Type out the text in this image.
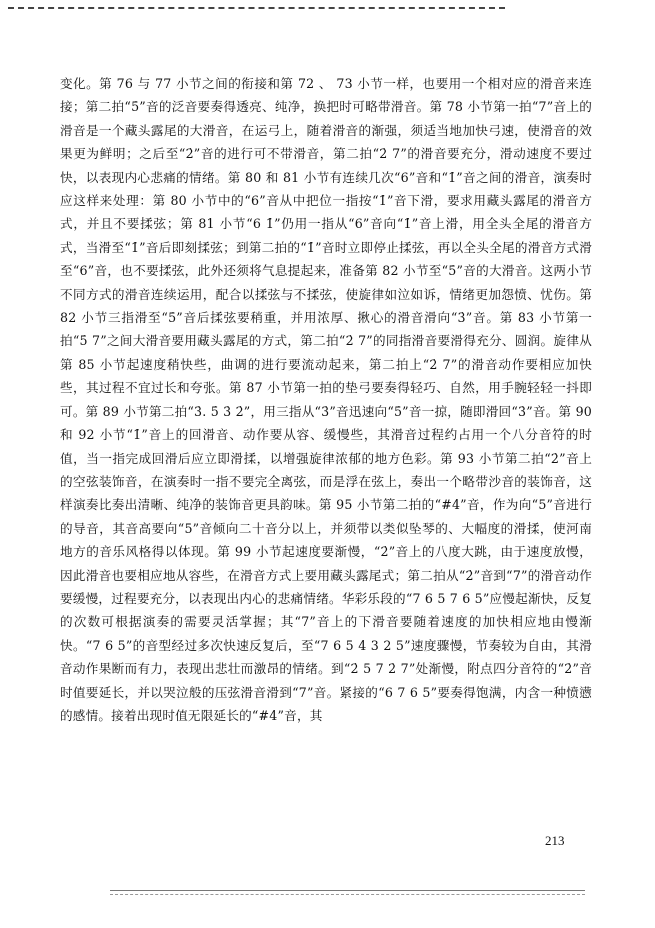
变化。第 76 与 77 小节之间的衔接和第 72 、 73 小节一样，也要用一个相对应的滑音来连接；第二拍“5̇”音的泛音要奏得透亮、纯净，换把时可略带滑音。第 78 小节第一拍“7”音上的滑音是一个藏头露尾的大滑音，在运弓上，随着滑音的渐强，须适当地加快弓速，使滑音的效果更为鲜明；之后至“2̇”音的进行可不带滑音，第二拍“2̇ 7”的滑音要充分，滑动速度不要过快，以表现内心悲痛的情绪。第 80 和 81 小节有连续几次“6”音和“1̇”音之间的滑音，演奏时应这样来处理：第 80 小节中的“6”音从中把位一指按“1̇”音下滑，要求用藏头露尾的滑音方式，并且不要揉弦；第 81 小节“6 1̇”仍用一指从“6”音向“1̇”音上滑，用全头全尾的滑音方式，当滑至“1̇”音后即刻揉弦；到第二拍的“1̇”音时立即停止揉弦，再以全头全尾的滑音方式滑至“6”音，也不要揉弦，此外还须将气息提起来，准备第 82 小节至“5̇”音的大滑音。这两小节不同方式的滑音连续运用，配合以揉弦与不揉弦，使旋律如泣如诉，情绪更加怨愤、忧伤。第 82 小节三指滑至“5̇”音后揉弦要稍重，并用浓厚、揪心的滑音滑向“3̇”音。第 83 小节第一拍“5̇ 7”之间大滑音要用藏头露尾的方式，第二拍“2̇ 7”的同指滑音要滑得充分、圆润。旋律从第 85 小节起速度稍快些，曲调的进行要流动起来，第二拍上“2̇ 7”的滑音动作要相应加快些，其过程不宜过长和夸张。第 87 小节第一拍的垫弓要奏得轻巧、自然，用手腕轻轻一抖即可。第 89 小节第二拍“3̇. 5̇ 3̇ 2̇”，用三指从“3̇”音迅速向“5̇”音一掠，随即滑回“3̇”音。第 90 和 92 小节“1̇”音上的回滑音、动作要从容、缓慢些，其滑音过程约占用一个八分音符的时值，当一指完成回滑后应立即滑揉，以增强旋律浓郁的地方色彩。第 93 小节第二拍“2̇”音上的空弦装饰音，在演奏时一指不要完全离弦，而是浮在弦上，奏出一个略带沙音的装饰音，这样演奏比奏出清晰、纯净的装饰音更具韵味。第 95 小节第二拍的“#4”音，作为向“5”音进行的导音，其音高要向“5”音倾向二十音分以上，并须带以类似坠琴的、大幅度的滑揉，使河南地方的音乐风格得以体现。第 99 小节起速度要渐慢，“2̇”音上的八度大跳，由于速度放慢，因此滑音也要相应地从容些，在滑音方式上要用藏头露尾式；第二拍从“2̇”音到“7”的滑音动作要缓慢，过程要充分，以表现出内心的悲痛情绪。华彩乐段的“7 6 5 7 6 5”应慢起渐快，反复的次数可根据演奏的需要灵活掌握；其“7”音上的下滑音要随着速度的加快相应地由慢渐快。“7 6 5”的音型经过多次快速反复后，至“7 6 5 4 3 2 5”速度骤慢，节奏较为自由，其滑音动作果断而有力，表现出悲壮而激昂的情绪。到“2̇ 5 7 2̇ 7”处渐慢，附点四分音符的“2̇”音时值要延长，并以哭泣般的压弦滑音滑到“7”音。紧接的“6 7 6 5”要奏得饱满，内含一种愤懑的感情。接着出现时值无限延长的“#4”音，其

213
